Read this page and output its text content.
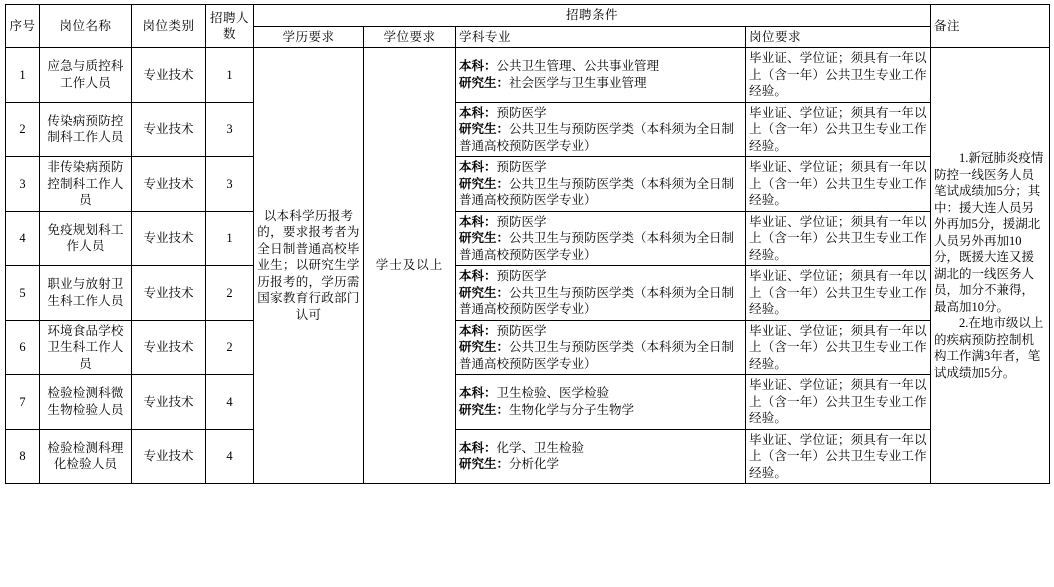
序号	岗位名称	岗位类别	招聘人数	招聘条件				备注
				学历要求	学位要求	学科专业	岗位要求	
1	应急与质控科工作人员	专业技术	1	以本科学历报考的，要求报考者为全日制普通高校毕业生；以研究生学历报考的，学历需国家教育行政部门认可	学士及以上	
本科：公共卫生管理、公共事业管理
研究生：社会医学与卫生事业管理
	毕业证、学位证；须具有一年以上（含一年）公共卫生专业工作经验。	

1.新冠肺炎疫情防控一线医务人员笔试成绩加5分；其中：援大连人员另外再加5分，援湖北人员另外再加10分，既援大连又援湖北的一线医务人员，加分不兼得，最高加10分。

2.在地市级以上的疾病预防控制机构工作满3年者，笔试成绩加5分。

2	传染病预防控制科工作人员	专业技术	3			本科：预防医学
研究生：公共卫生与预防医学类（本科须为全日制普通高校预防医学专业）	毕业证、学位证；须具有一年以上（含一年）公共卫生专业工作经验。	
3	非传染病预防控制科工作人员	专业技术	3			本科：预防医学
研究生：公共卫生与预防医学类（本科须为全日制普通高校预防医学专业）	毕业证、学位证；须具有一年以上（含一年）公共卫生专业工作经验。	
4	免疫规划科工作人员	专业技术	1			本科：预防医学
研究生：公共卫生与预防医学类（本科须为全日制普通高校预防医学专业）	毕业证、学位证；须具有一年以上（含一年）公共卫生专业工作经验。	
5	职业与放射卫生科工作人员	专业技术	2			本科：预防医学
研究生：公共卫生与预防医学类（本科须为全日制普通高校预防医学专业）	毕业证、学位证；须具有一年以上（含一年）公共卫生专业工作经验。	
6	环境食品学校卫生科工作人员	专业技术	2			本科：预防医学
研究生：公共卫生与预防医学类（本科须为全日制普通高校预防医学专业）	毕业证、学位证；须具有一年以上（含一年）公共卫生专业工作经验。	
7	检验检测科微生物检验人员	专业技术	4			本科：卫生检验、医学检验
研究生：生物化学与分子生物学	毕业证、学位证；须具有一年以上（含一年）公共卫生专业工作经验。	
8	检验检测科理化检验人员	专业技术	4			本科：化学、卫生检验
研究生：分析化学	毕业证、学位证；须具有一年以上（含一年）公共卫生专业工作经验。	
